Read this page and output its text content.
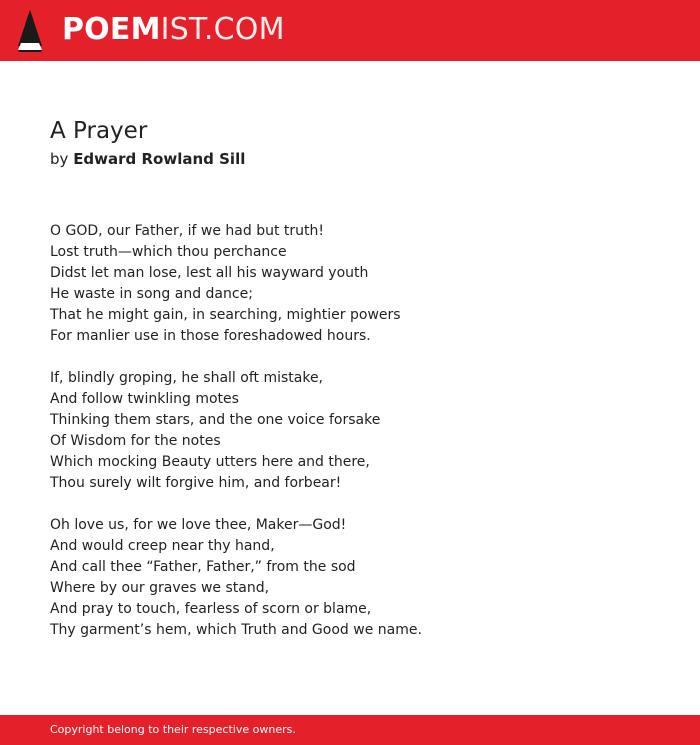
POEMIST.COM
A Prayer
by Edward Rowland Sill
O GOD, our Father, if we had but truth!
Lost truth—which thou perchance
Didst let man lose, lest all his wayward youth
He waste in song and dance;
That he might gain, in searching, mightier powers
For manlier use in those foreshadowed hours.
If, blindly groping, he shall oft mistake,
And follow twinkling motes
Thinking them stars, and the one voice forsake
Of Wisdom for the notes
Which mocking Beauty utters here and there,
Thou surely wilt forgive him, and forbear!
Oh love us, for we love thee, Maker—God!
And would creep near thy hand,
And call thee “Father, Father,” from the sod
Where by our graves we stand,
And pray to touch, fearless of scorn or blame,
Thy garment’s hem, which Truth and Good we name.
Copyright belong to their respective owners.
